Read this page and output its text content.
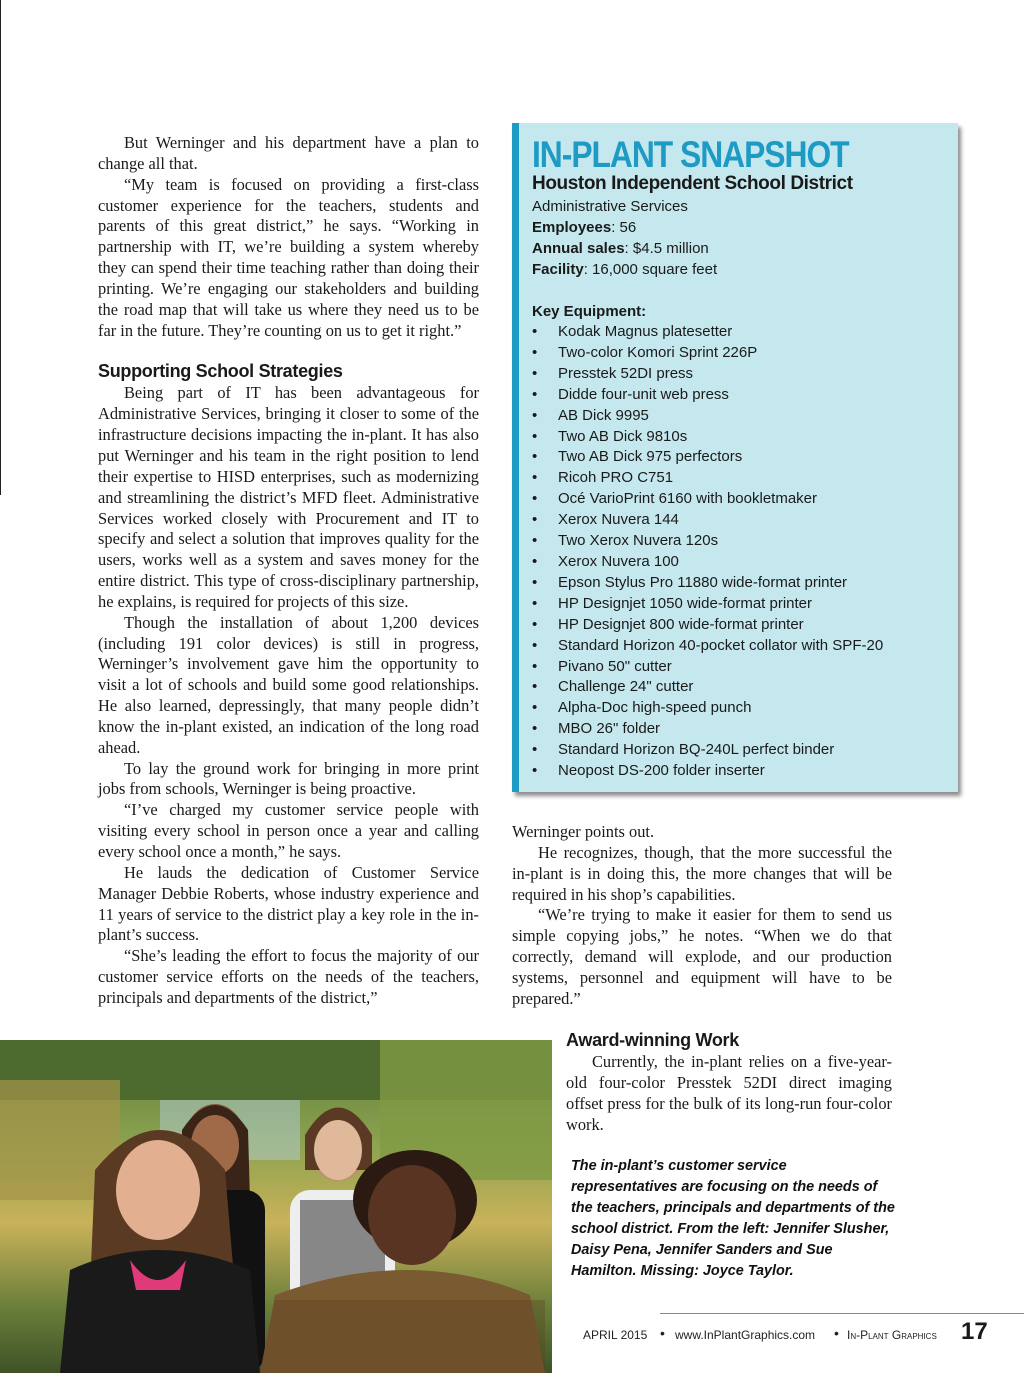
But Werninger and his department have a plan to change all that.

“My team is focused on providing a first-class customer experience for the teachers, students and parents of this great district,” he says. “Working in partnership with IT, we’re building a system whereby they can spend their time teaching rather than doing their printing. We’re engaging our stakeholders and building the road map that will take us where they need us to be far in the future. They’re counting on us to get it right.”

Supporting School Strategies

Being part of IT has been advantageous for Administrative Services, bringing it closer to some of the infrastructure decisions impacting the in-plant. It has also put Werninger and his team in the right position to lend their expertise to HISD enterprises, such as modernizing and streamlining the district’s MFD fleet. Administrative Services worked closely with Procurement and IT to specify and select a solution that improves quality for the users, works well as a system and saves money for the entire district. This type of cross-disciplinary partnership, he explains, is required for projects of this size.

Though the installation of about 1,200 devices (including 191 color devices) is still in progress, Werninger’s involvement gave him the opportunity to visit a lot of schools and build some good relationships. He also learned, depressingly, that many people didn’t know the in-plant existed, an indication of the long road ahead.

To lay the ground work for bringing in more print jobs from schools, Werninger is being proactive.

“I’ve charged my customer service people with visiting every school in person once a year and calling every school once a month,” he says.

He lauds the dedication of Customer Service Manager Debbie Roberts, whose industry experience and 11 years of service to the district play a key role in the in-plant’s success.

“She’s leading the effort to focus the majority of our customer service efforts on the needs of the teachers, principals and departments of the district,”

IN-PLANT SNAPSHOT
Houston Independent School District
Administrative Services
Employees: 56
Annual sales: $4.5 million
Facility: 16,000 square feet
Key Equipment:
• Kodak Magnus platesetter
• Two-color Komori Sprint 226P
• Presstek 52DI press
• Didde four-unit web press
• AB Dick 9995
• Two AB Dick 9810s
• Two AB Dick 975 perfectors
• Ricoh PRO C751
• Océ VarioPrint 6160 with bookletmaker
• Xerox Nuvera 144
• Two Xerox Nuvera 120s
• Xerox Nuvera 100
• Epson Stylus Pro 11880 wide-format printer
• HP Designjet 1050 wide-format printer
• HP Designjet 800 wide-format printer
• Standard Horizon 40-pocket collator with SPF-20
• Pivano 50" cutter
• Challenge 24" cutter
• Alpha-Doc high-speed punch
• MBO 26" folder
• Standard Horizon BQ-240L perfect binder
• Neopost DS-200 folder inserter

Werninger points out.

He recognizes, though, that the more successful the in-plant is in doing this, the more changes that will be required in his shop’s capabilities.

“We’re trying to make it easier for them to send us simple copying jobs,” he notes. “When we do that correctly, demand will explode, and our production systems, personnel and equipment will have to be prepared.”

Award-winning Work

Currently, the in-plant relies on a five-year-old four-color Presstek 52DI direct imaging offset press for the bulk of its long-run four-color work.

The in-plant’s customer service representatives are focusing on the needs of the teachers, principals and departments of the school district. From the left: Jennifer Slusher, Daisy Pena, Jennifer Sanders and Sue Hamilton. Missing: Joyce Taylor.
APRIL 2015 • www.InPlantGraphics.com • In-Plant Graphics 17
